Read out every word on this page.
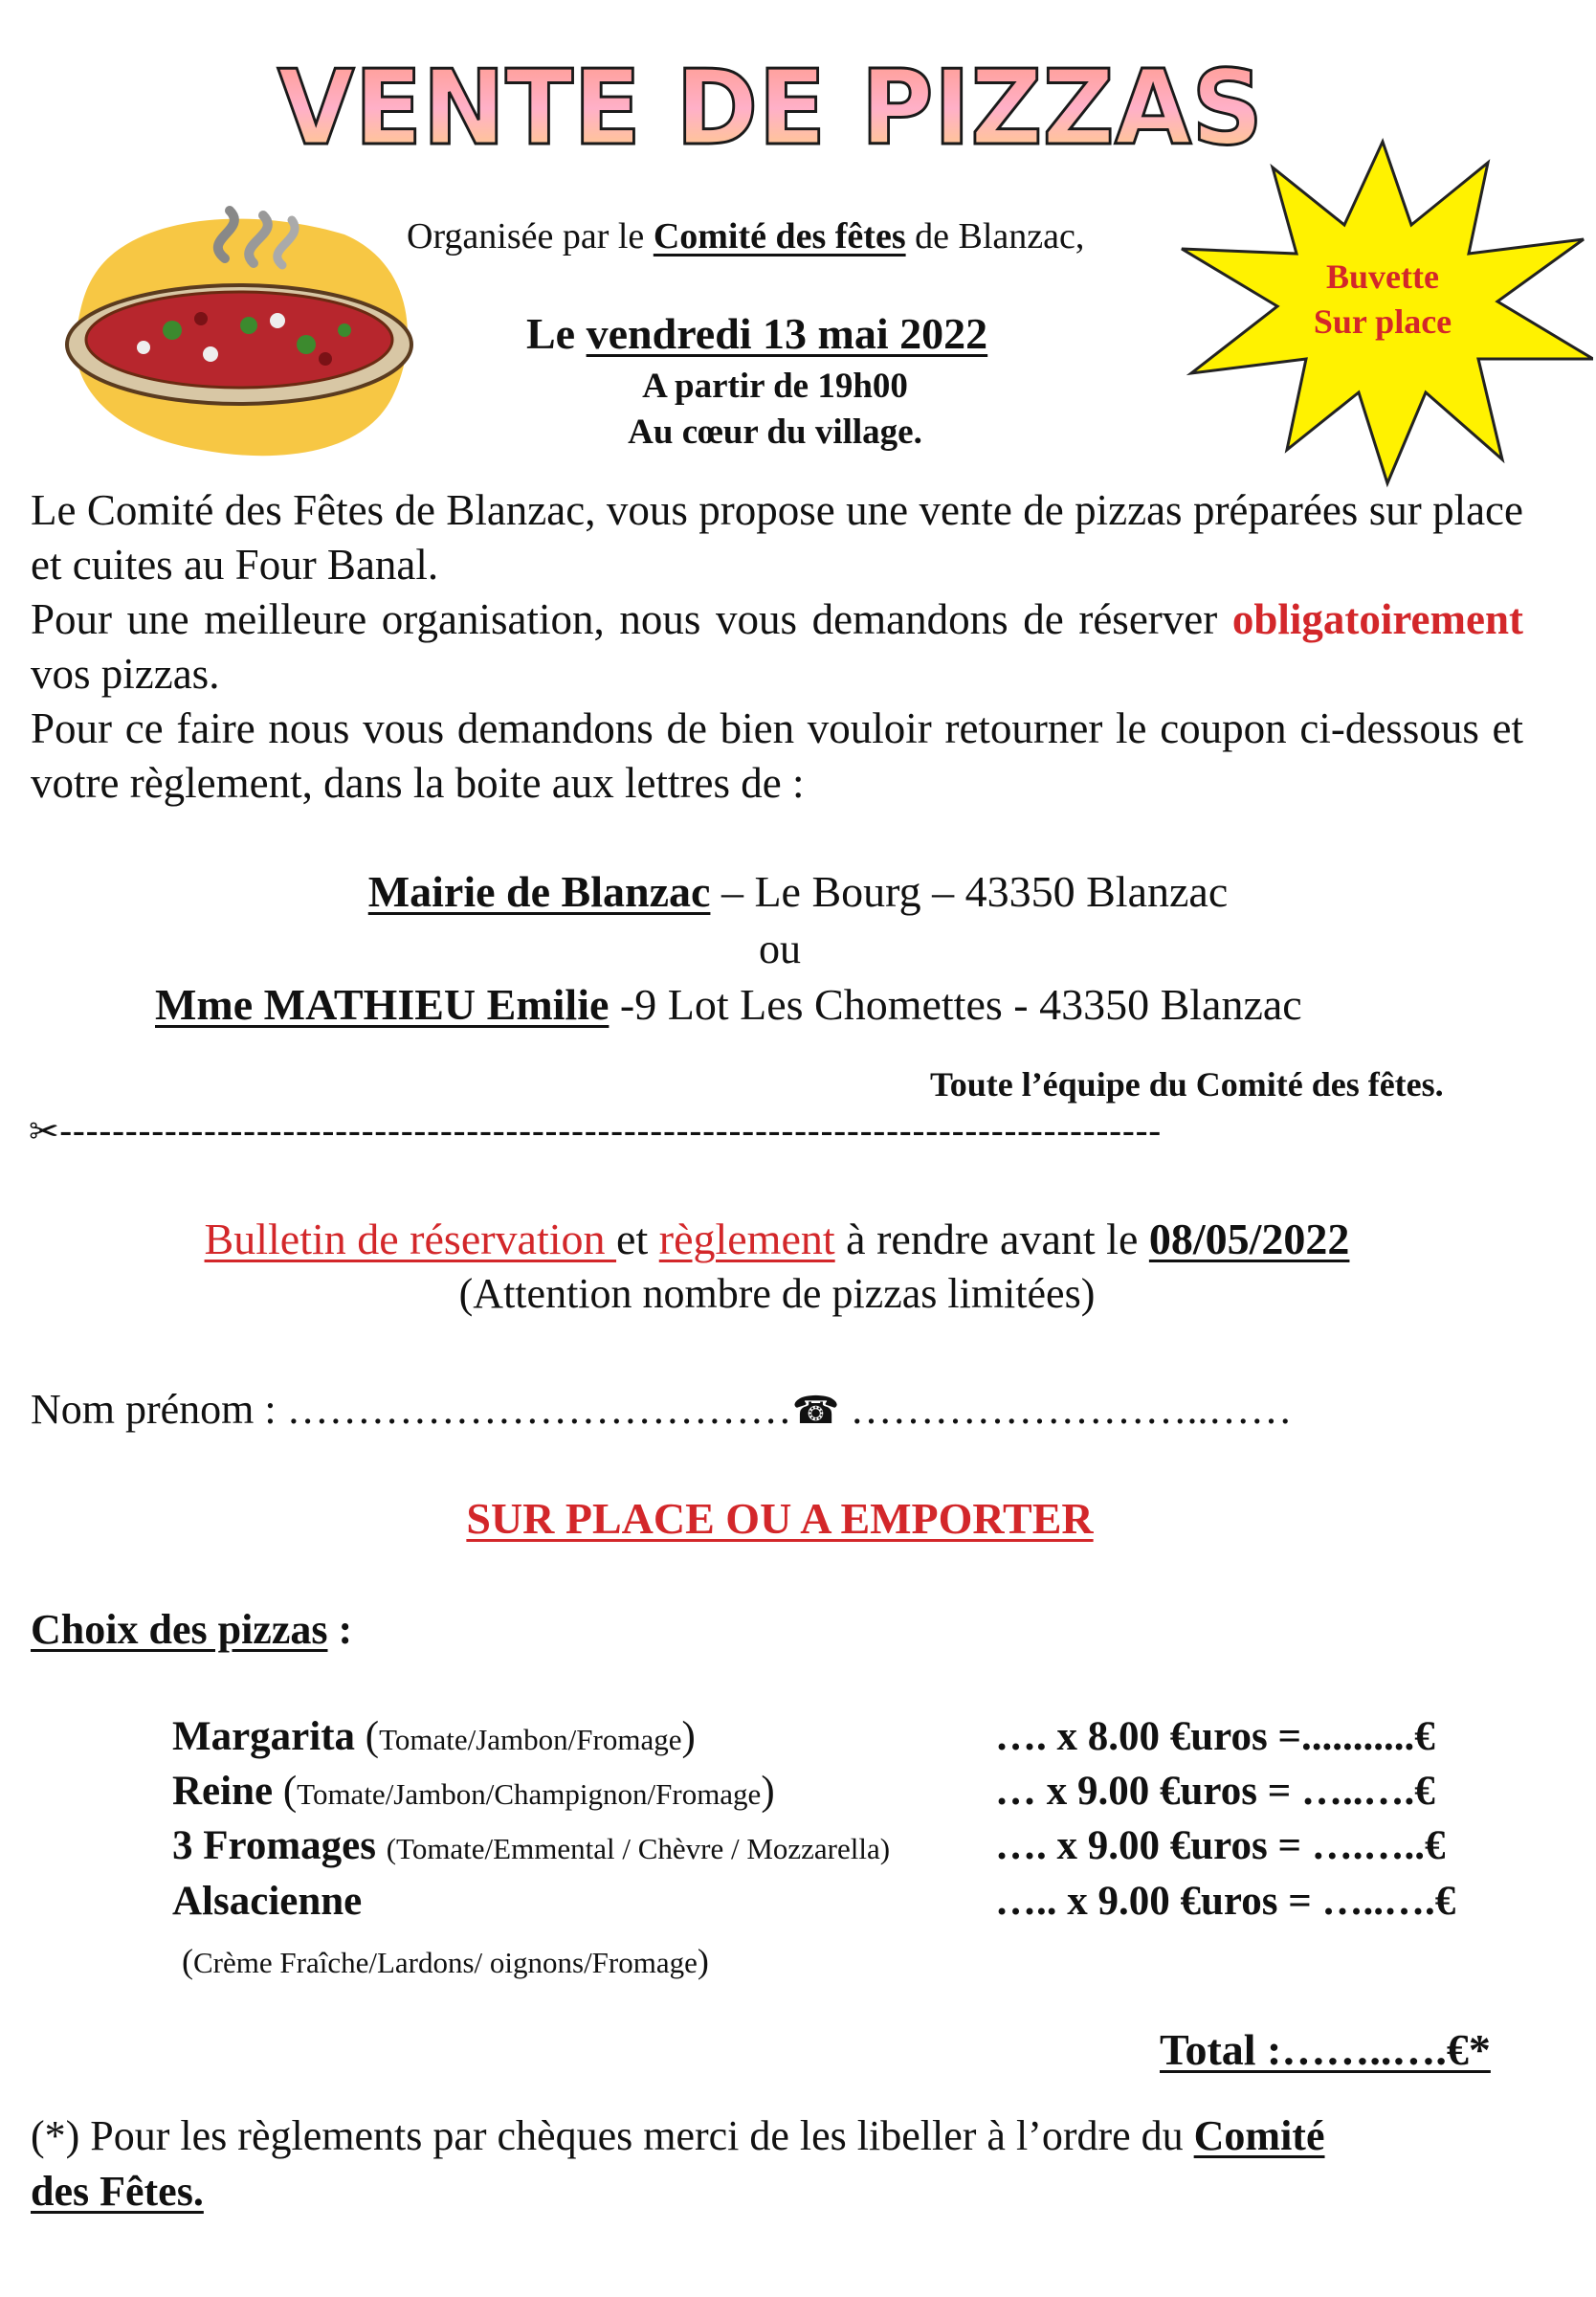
VENTE DE PIZZAS
Buvette
Sur place
Organisée par le Comité des fêtes de Blanzac,
Le vendredi 13 mai 2022
A partir de 19h00
Au cœur du village.
Le Comité des Fêtes de Blanzac, vous propose une vente de pizzas préparées sur place et cuites au Four Banal.
Pour une meilleure organisation, nous vous demandons de réserver obligatoirement vos pizzas.
Pour ce faire nous vous demandons de bien vouloir retourner le coupon ci-dessous et votre règlement, dans la boite aux lettres de :
Mairie de Blanzac – Le Bourg – 43350 Blanzac
ou
Mme MATHIEU Emilie -9 Lot Les Chomettes - 43350 Blanzac
Toute l’équipe du Comité des fêtes.
✂------------------------------------------------------------------------------------
Bulletin de réservation et règlement à rendre avant le 08/05/2022
(Attention nombre de pizzas limitées)
Nom prénom : ………………………………☎ ……………………..……
SUR PLACE OU A EMPORTER
Choix des pizzas :
Margarita (Tomate/Jambon/Fromage)	…. x 8.00 €uros =...........€
Reine (Tomate/Jambon/Champignon/Fromage)	… x 9.00 €uros = …..….€
3 Fromages (Tomate/Emmental / Chèvre / Mozzarella)	…. x 9.00 €uros = ….…..€
Alsacienne	….. x 9.00 €uros = …..….€
(Crème Fraîche/Lardons/ oignons/Fromage)
Total :……..….€*
(*) Pour les règlements par chèques merci de les libeller à l’ordre du Comité
des Fêtes.
